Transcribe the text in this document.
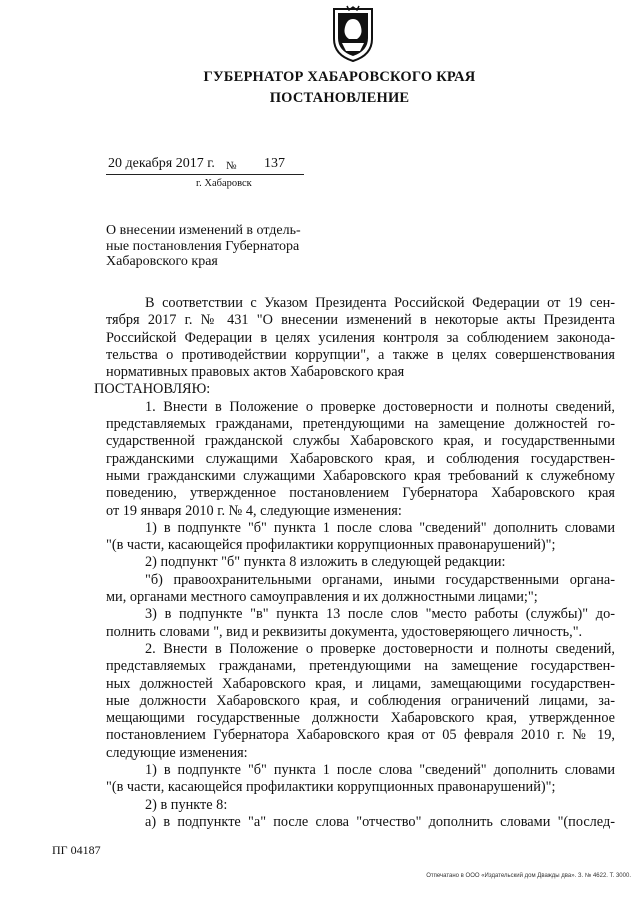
ГУБЕРНАТОР ХАБАРОВСКОГО КРАЯ
ПОСТАНОВЛЕНИЕ
20 декабря 2017 г. № 137
г. Хабаровск
О внесении изменений в отдель-
ные постановления Губернатора
Хабаровского края
В соответствии с Указом Президента Российской Федерации от 19 сен-
тября 2017 г. № 431 "О внесении изменений в некоторые акты Президента
Российской Федерации в целях усиления контроля за соблюдением законода-
тельства о противодействии коррупции", а также в целях совершенствования
нормативных правовых актов Хабаровского края
ПОСТАНОВЛЯЮ:
1. Внести в Положение о проверке достоверности и полноты сведений,
представляемых гражданами, претендующими на замещение должностей го-
сударственной гражданской службы Хабаровского края, и государственными
гражданскими служащими Хабаровского края, и соблюдения государствен-
ными гражданскими служащими Хабаровского края требований к служебному
поведению, утвержденное постановлением Губернатора Хабаровского края
от 19 января 2010 г. № 4, следующие изменения:
1) в подпункте "б" пункта 1 после слова "сведений" дополнить словами
"(в части, касающейся профилактики коррупционных правонарушений)";
2) подпункт "б" пункта 8 изложить в следующей редакции:
"б) правоохранительными органами, иными государственными органа-
ми, органами местного самоуправления и их должностными лицами;";
3) в подпункте "в" пункта 13 после слов "место работы (службы)" до-
полнить словами ", вид и реквизиты документа, удостоверяющего личность,".
2. Внести в Положение о проверке достоверности и полноты сведений,
представляемых гражданами, претендующими на замещение государствен-
ных должностей Хабаровского края, и лицами, замещающими государствен-
ные должности Хабаровского края, и соблюдения ограничений лицами, за-
мещающими государственные должности Хабаровского края, утвержденное
постановлением Губернатора Хабаровского края от 05 февраля 2010 г. № 19,
следующие изменения:
1) в подпункте "б" пункта 1 после слова "сведений" дополнить словами
"(в части, касающейся профилактики коррупционных правонарушений)";
2) в пункте 8:
а) в подпункте "а" после слова "отчество" дополнить словами "(послед-
ПГ 04187
Отпечатано в ООО «Издательский дом Дважды два». З. № 4622. Т. 3000.
